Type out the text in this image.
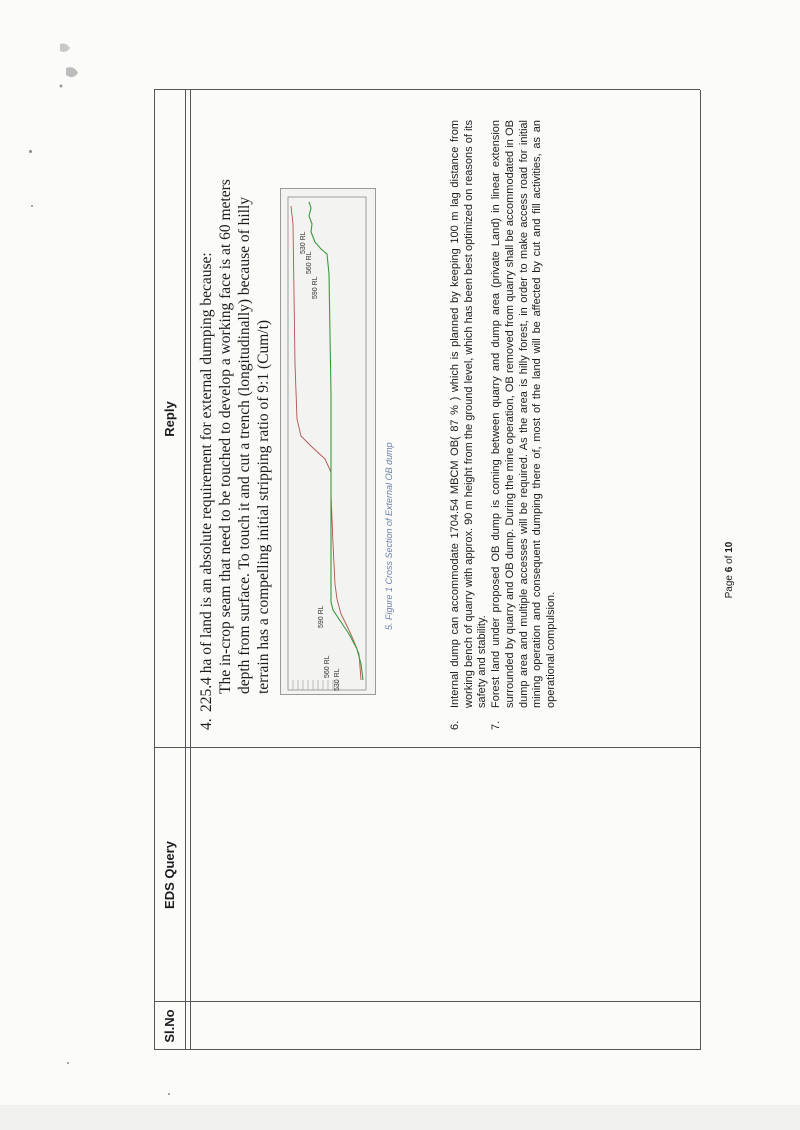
Sl.No
EDS Query
Reply
4.
225.4 ha of land is an absolute requirement for external dumping because: The in-crop seam that need to be touched to develop a working face is at 60 meters depth from surface. To touch it and cut a trench (longitudinally) because of hilly terrain has a compelling initial stripping ratio of 9:1 (Cum/t)	560 RL
530 RL
590 RL
590 RL
560 RL
530 RL
5. Figure 1 Cross Section of External OB dump
6.

Internal dump can accommodate 1704.54 MBCM OB( 87 % ) which is planned by keeping 100 m lag distance from working bench of quarry with approx. 90 m height from the ground level, which has been best optimized on reasons of its safety and stability.

7.

Forest land under proposed OB dump is coming between quarry and dump area (private Land) in linear extension surrounded by quarry and OB dump. During the mine operation, OB removed from quarry shall be accommodated in OB dump area and multiple accesses will be required. As the area is hilly forest, in order to make access road for initial mining operation and consequent dumping there of, most of the land will be affected by cut and fill activities, as an operational compulsion.

Page 6 of 10
